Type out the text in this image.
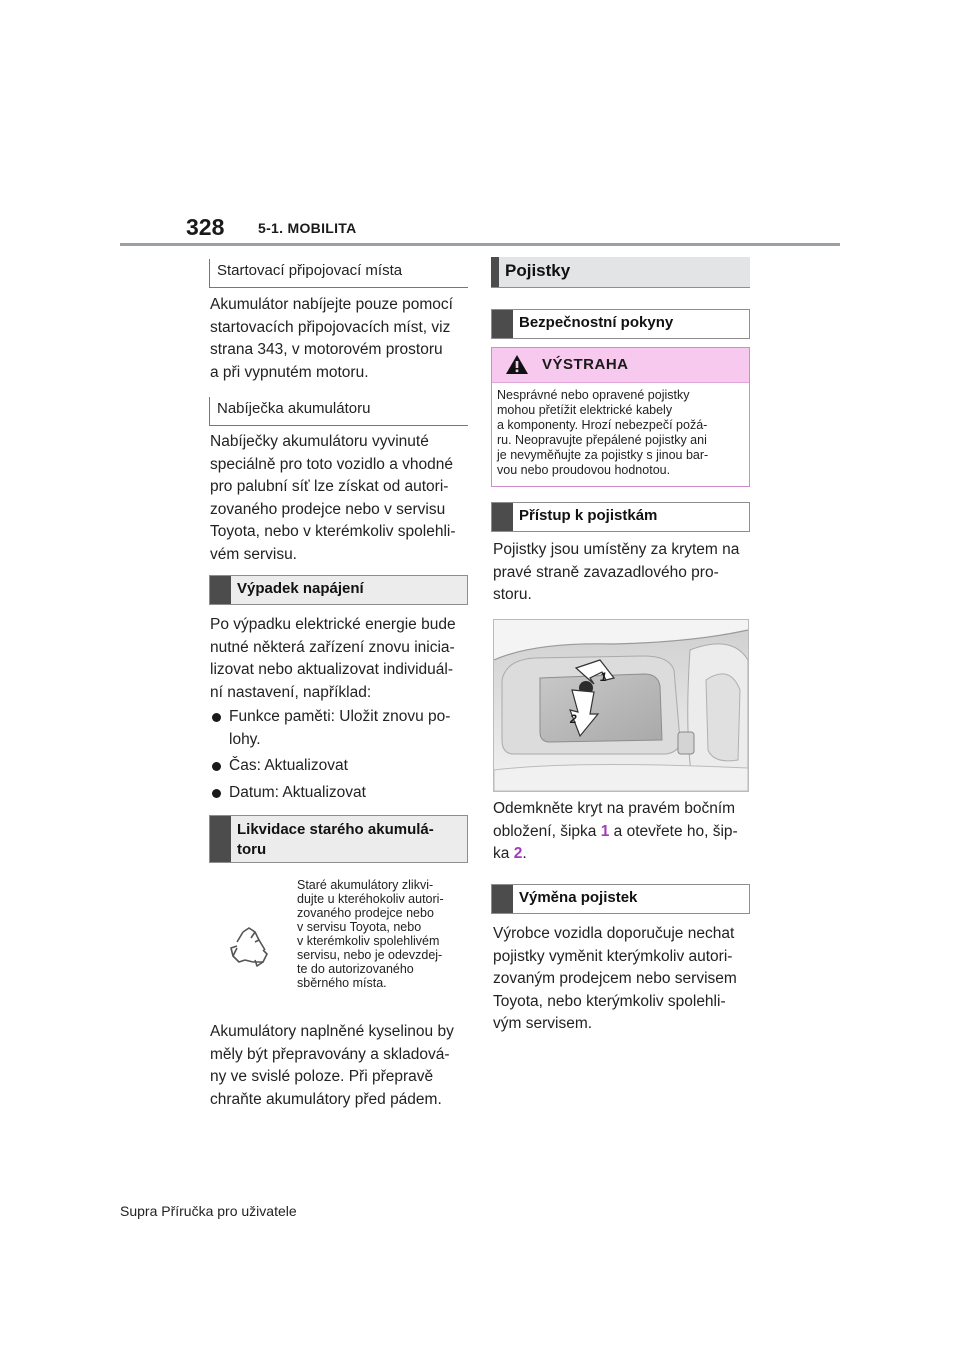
328 5-1. MOBILITA
Startovací připojovací místa
Akumulátor nabíjejte pouze pomocí
startovacích připojovacích míst, viz
strana 343, v motorovém prostoru
a při vypnutém motoru.
Nabíječka akumulátoru
Nabíječky akumulátoru vyvinuté
speciálně pro toto vozidlo a vhodné
pro palubní síť lze získat od autori-
zovaného prodejce nebo v servisu
Toyota, nebo v kterémkoliv spolehli-
vém servisu.
Výpadek napájení
Po výpadku elektrické energie bude
nutné některá zařízení znovu inicia-
lizovat nebo aktualizovat individuál-
ní nastavení, například:
Funkce paměti: Uložit znovu po-
lohy.
Čas: Aktualizovat
Datum: Aktualizovat
Likvidace starého akumulá-
toru
Staré akumulátory zlikvi-
dujte u kteréhokoliv autori-
zovaného prodejce nebo
v servisu Toyota, nebo
v kterémkoliv spolehlivém
servisu, nebo je odevzdej-
te do autorizovaného
sběrného místa.
Akumulátory naplněné kyselinou by
měly být přepravovány a skladová-
ny ve svislé poloze. Při přepravě
chraňte akumulátory před pádem.
Pojistky
Bezpečnostní pokyny
VÝSTRAHA
Nesprávné nebo opravené pojistky
mohou přetížit elektrické kabely
a komponenty. Hrozí nebezpečí požá-
ru. Neopravujte přepálené pojistky ani
je nevyměňujte za pojistky s jinou bar-
vou nebo proudovou hodnotou.
Přístup k pojistkám
Pojistky jsou umístěny za krytem na
pravé straně zavazadlového pro-
storu.
1
2
Odemkněte kryt na pravém bočním
obložení, šipka 1 a otevřete ho, šip-
ka 2.
Výměna pojistek
Výrobce vozidla doporučuje nechat
pojistky vyměnit kterýmkoliv autori-
zovaným prodejcem nebo servisem
Toyota, nebo kterýmkoliv spolehli-
vým servisem.
Supra Příručka pro uživatele
